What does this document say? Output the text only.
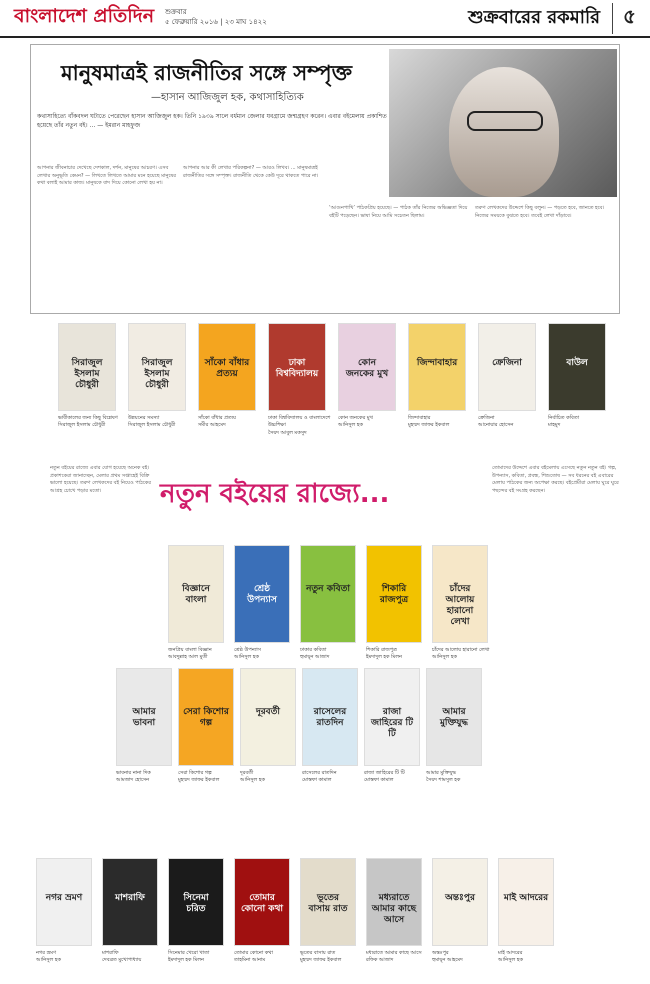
বাংলাদেশ প্রতিদিন	শুক্রবার
৫ ফেব্রুয়ারি ২০১৬ | ২৩ মাঘ ১৪২২	শুক্রবারের রকমারি	৫
মানুষমাত্রই রাজনীতির সঙ্গে সম্পৃক্ত
—হাসান আজিজুল হক, কথাসাহিত্যিক
কথাসাহিত্যে বাঁকবদল ঘটাতে পেরেছেন হাসান আজিজুল হক। তিনি ১৯৩৯ সালে বর্ধমান জেলার যবগ্রামে জন্মগ্রহণ করেন। এবার বইমেলায় প্রকাশিত হয়েছে তাঁর নতুন বই। ... — ইমরান মাহফুজ
আপনার জীবনাচার দেখেছে দেশকাল, দর্শন, মানুষের আচরণ। এসব লেখার অনুভূতি কেমন? — লিখতে লিখতে আমার মনে হয়েছে মানুষের কথা বলাই আমার কাজ। মানুষকে বাদ দিয়ে কোনো লেখা হয় না।
আপনার আর কী লেখার পরিকল্পনা? — আরও লিখব। ... মানুষমাত্রই রাজনীতির সঙ্গে সম্পৃক্ত। রাজনীতি থেকে কেউ দূরে থাকতে পারে না।
‘আগুনপাখি’ পাঠকপ্রিয় হয়েছে। — পাঠক তাঁর নিজের অভিজ্ঞতা দিয়ে বইটি পড়েছেন। ভাষা নিয়ে আমি সচেতন ছিলাম।
তরুণ লেখকদের উদ্দেশে কিছু বলুন। — পড়তে হবে, জানতে হবে। নিজের সময়কে বুঝতে হবে। তবেই লেখা দাঁড়াবে।
সিরাজুল ইসলাম চৌধুরী
ভাবীকালের জন্য কিছু বিশ্লেষণ
সিরাজুল ইসলাম চৌধুরী
সিরাজুল ইসলাম চৌধুরী
উন্নয়নের সমস্যা
সিরাজুল ইসলাম চৌধুরী
সাঁকো বাঁধার প্রত্যয়
সাঁকো বাঁধার প্রত্যয়
সমীর আহমেদ
ঢাকা বিশ্ববিদ্যালয়
ঢাকা বিশ্ববিদ্যালয় ও বাংলাদেশে উচ্চশিক্ষা
সৈয়দ আবুল মকসুদ
কোন জনকের মুখ
কোন জনকের মুখ
আনিসুল হক
জিন্দাবাহার
জিন্দাবাহার
মুহম্মদ জাফর ইকবাল
ক্রেজিনা
ক্রেজিনা
আনোয়ার হোসেন
বাউল
নির্বাচিত কবিতা
মাহমুদ
বিজ্ঞানে বাংলা
জনপ্রিয় বাংলা বিজ্ঞান
আবদুল্লাহ আল মুতী
শ্রেষ্ঠ উপন্যাস
শ্রেষ্ঠ উপন্যাস
আনিসুল হক
নতুন কবিতা
ঢাকার কবিতা
হুমায়ূন আজাদ
শিকারি রাজপুত্র
শিকারি রাজপুত্র
ইমদাদুল হক মিলন
চাঁদের আলোয় হারানো লেখা
চাঁদের আলোয় হারানো লেখা
আনিসুল হক
আমার ভাবনা
ভাবনার নানা দিক
আমজাদ হোসেন
সেরা কিশোর গল্প
সেরা কিশোর গল্প
মুহম্মদ জাফর ইকবাল
দূরবর্তী
দূরবর্তী
আনিসুল হক
রাসেলের রাতদিন
রাসেলের রাতদিন
মোস্তফা কামাল
রাজা জাহিরের টি টি
রাজা জাহিরের টি টি
মোস্তফা কামাল
আমার মুক্তিযুদ্ধ
আমার মুক্তিযুদ্ধ
সৈয়দ শামসুল হক
নগর ভ্রমণ
নগর ভ্রমণ
আনিসুল হক
মাশরাফি
মাশরাফি
দেবব্রত মুখোপাধ্যায়
সিনেমা চরিত
সিনেমার খেরো খাতা
ইমদাদুল হক মিলন
তোমার কোনো কথা
তোমার কোনো কথা
তাহমিনা আনাম
ভূতের বাসায় রাত
ভূতের বাসায় রাত
মুহম্মদ জাফর ইকবাল
মধ্যরাতে আমার কাছে আসে
মধ্যরাতে আমার কাছে আসে
রফিক আজাদ
অন্তঃপুর
অন্তঃপুর
হুমায়ূন আহমেদ
মাই আদরের
মাই আদরের
আনিসুল হক
নতুন বইয়ের রাজ্যে...
নতুন বইয়ের রাজ্যে এবার যোগ হয়েছে অনেক বই। প্রকাশকেরা জানাচ্ছেন, মেলার প্রথম সপ্তাহেই বিক্রি ভালো হয়েছে। তরুণ লেখকদের বই নিয়েও পাঠকের আগ্রহ চোখে পড়ার মতো।
তোমাদের উদ্দেশে এবার বইমেলায় এসেছে নতুন নতুন বই। গল্প, উপন্যাস, কবিতা, প্রবন্ধ, শিশুতোষ — সব ধরনের বই এবারের মেলায় পাঠকের জন্য অপেক্ষা করছে। বইপ্রেমীরা মেলায় ঘুরে ঘুরে পছন্দের বই সংগ্রহ করছেন।
